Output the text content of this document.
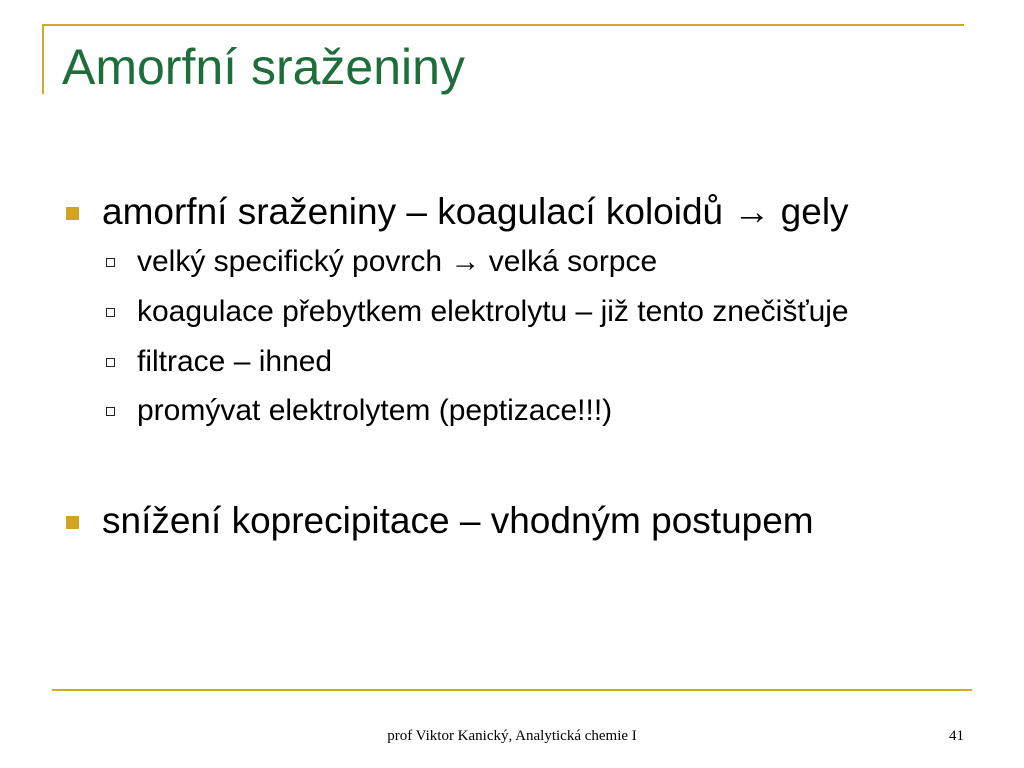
Amorfní sraženiny
amorfní sraženiny – koagulací koloidů → gely
velký specifický povrch → velká sorpce
koagulace přebytkem elektrolytu – již tento znečišťuje
filtrace – ihned
promývat elektrolytem (peptizace!!!)
snížení koprecipitace – vhodným postupem
prof Viktor Kanický, Analytická chemie I	41
